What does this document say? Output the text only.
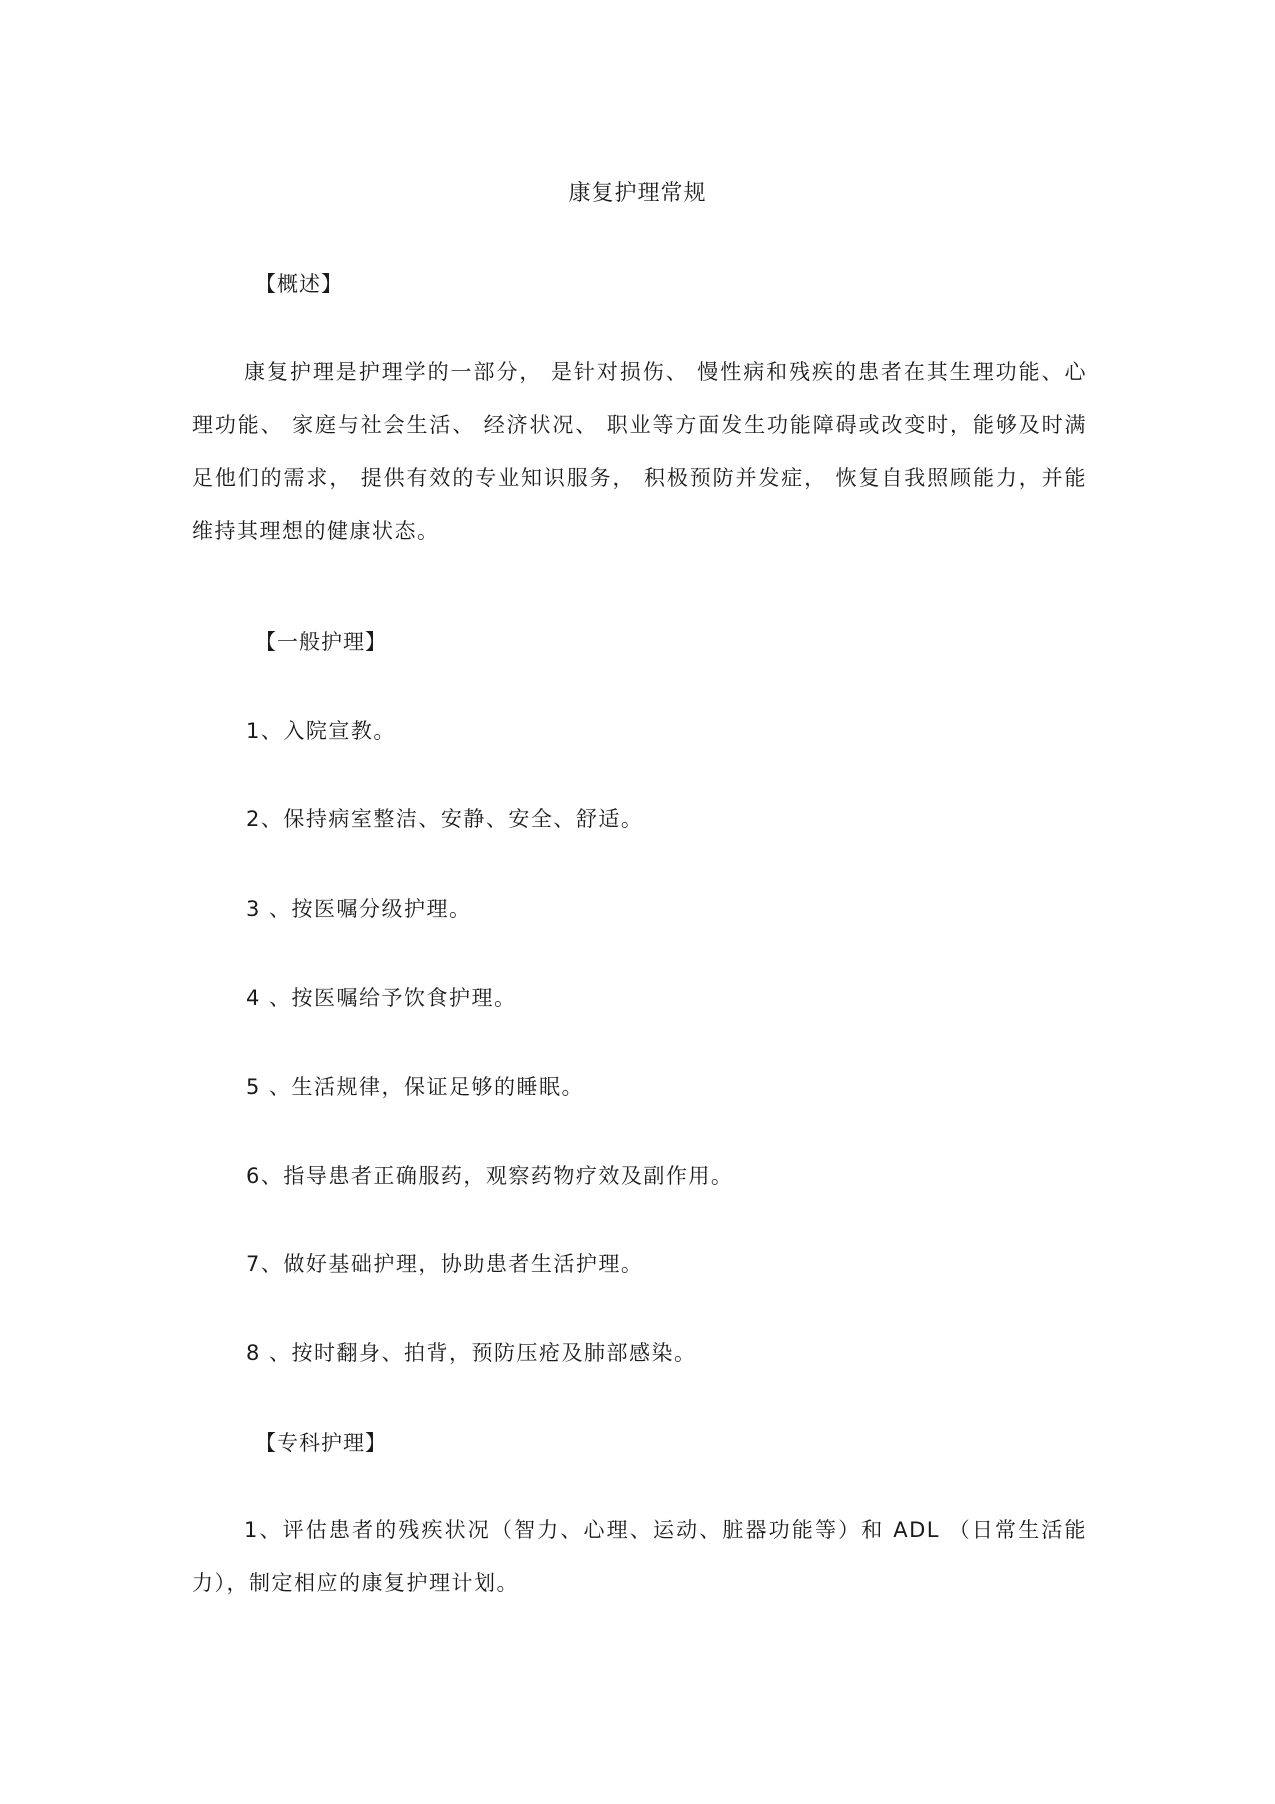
康复护理常规
【概述】
康复护理是护理学的一部分， 是针对损伤、 慢性病和残疾的患者在其生理功能、心理功能、 家庭与社会生活、 经济状况、 职业等方面发生功能障碍或改变时，能够及时满足他们的需求， 提供有效的专业知识服务， 积极预防并发症， 恢复自我照顾能力，并能维持其理想的健康状态。
【一般护理】
1、入院宣教。
2、保持病室整洁、安静、安全、舒适。
3 、按医嘱分级护理。
4 、按医嘱给予饮食护理。
5 、生活规律，保证足够的睡眠。
6、指导患者正确服药，观察药物疗效及副作用。
7、做好基础护理，协助患者生活护理。
8 、按时翻身、拍背，预防压疮及肺部感染。
【专科护理】
1、评估患者的残疾状况（智力、心理、运动、脏器功能等）和 ADL （日常生活能力），制定相应的康复护理计划。
